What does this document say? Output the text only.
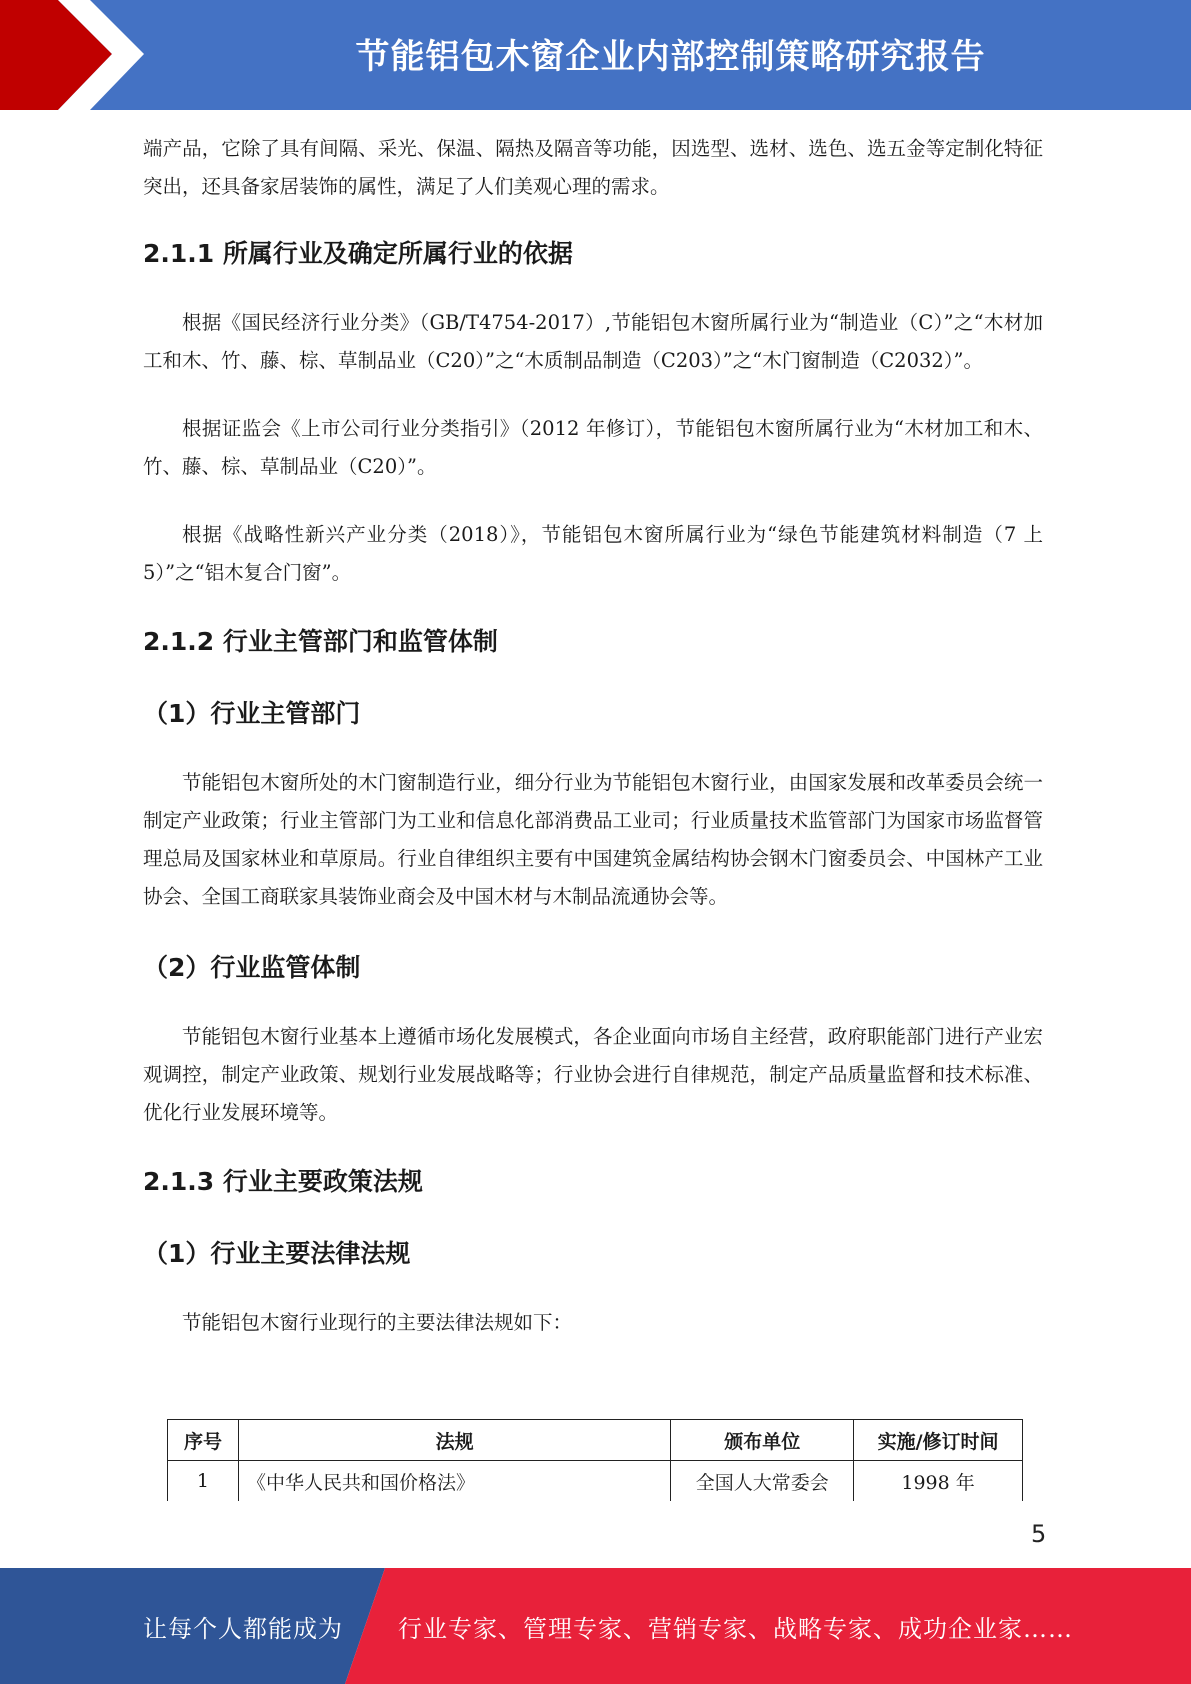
节能铝包木窗企业内部控制策略研究报告

端产品，它除了具有间隔、采光、保温、隔热及隔音等功能，因选型、选材、选色、选五金等定制化特征突出，还具备家居装饰的属性，满足了人们美观心理的需求。

2.1.1 所属行业及确定所属行业的依据

根据《国民经济行业分类》（GB/T4754-2017）,节能铝包木窗所属行业为“制造业（C）”之“木材加工和木、竹、藤、棕、草制品业（C20）”之“木质制品制造（C203）”之“木门窗制造（C2032）”。

根据证监会《上市公司行业分类指引》（2012 年修订），节能铝包木窗所属行业为“木材加工和木、竹、藤、棕、草制品业（C20）”。

根据《战略性新兴产业分类（2018）》，节能铝包木窗所属行业为“绿色节能建筑材料制造（7 上 5）”之“铝木复合门窗”。

2.1.2 行业主管部门和监管体制
（1）行业主管部门

节能铝包木窗所处的木门窗制造行业，细分行业为节能铝包木窗行业，由国家发展和改革委员会统一制定产业政策；行业主管部门为工业和信息化部消费品工业司；行业质量技术监管部门为国家市场监督管理总局及国家林业和草原局。行业自律组织主要有中国建筑金属结构协会钢木门窗委员会、中国林产工业协会、全国工商联家具装饰业商会及中国木材与木制品流通协会等。

（2）行业监管体制

节能铝包木窗行业基本上遵循市场化发展模式，各企业面向市场自主经营，政府职能部门进行产业宏观调控，制定产业政策、规划行业发展战略等；行业协会进行自律规范，制定产品质量监督和技术标准、优化行业发展环境等。

2.1.3 行业主要政策法规
（1）行业主要法律法规

节能铝包木窗行业现行的主要法律法规如下：

序号	法规	颁布单位	实施/修订时间
1	《中华人民共和国价格法》	全国人大常委会	1998 年
5
让每个人都能成为 行业专家、管理专家、营销专家、战略专家、成功企业家……
